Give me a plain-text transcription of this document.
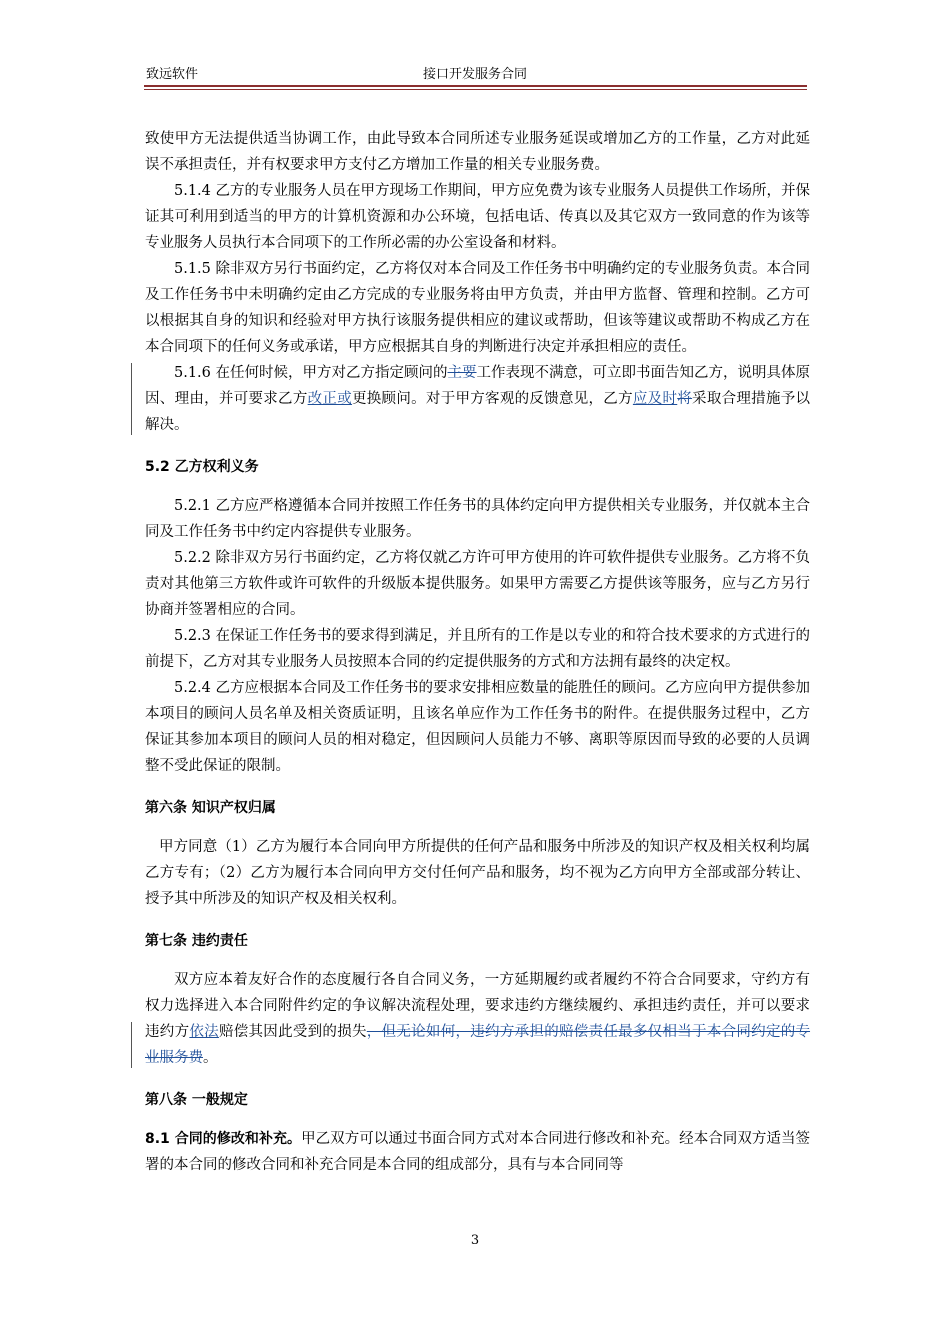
致远软件	接口开发服务合同

致使甲方无法提供适当协调工作，由此导致本合同所述专业服务延误或增加乙方的工作量，乙方对此延误不承担责任，并有权要求甲方支付乙方增加工作量的相关专业服务费。

5.1.4 乙方的专业服务人员在甲方现场工作期间，甲方应免费为该专业服务人员提供工作场所，并保证其可利用到适当的甲方的计算机资源和办公环境，包括电话、传真以及其它双方一致同意的作为该等专业服务人员执行本合同项下的工作所必需的办公室设备和材料。

5.1.5 除非双方另行书面约定，乙方将仅对本合同及工作任务书中明确约定的专业服务负责。本合同及工作任务书中未明确约定由乙方完成的专业服务将由甲方负责，并由甲方监督、管理和控制。乙方可以根据其自身的知识和经验对甲方执行该服务提供相应的建议或帮助，但该等建议或帮助不构成乙方在本合同项下的任何义务或承诺，甲方应根据其自身的判断进行决定并承担相应的责任。

5.1.6 在任何时候，甲方对乙方指定顾问的主要工作表现不满意，可立即书面告知乙方，说明具体原因、理由，并可要求乙方改正或更换顾问。对于甲方客观的反馈意见，乙方应及时将采取合理措施予以解决。

5.2 乙方权利义务

5.2.1 乙方应严格遵循本合同并按照工作任务书的具体约定向甲方提供相关专业服务，并仅就本主合同及工作任务书中约定内容提供专业服务。

5.2.2 除非双方另行书面约定，乙方将仅就乙方许可甲方使用的许可软件提供专业服务。乙方将不负责对其他第三方软件或许可软件的升级版本提供服务。如果甲方需要乙方提供该等服务，应与乙方另行协商并签署相应的合同。

5.2.3 在保证工作任务书的要求得到满足，并且所有的工作是以专业的和符合技术要求的方式进行的前提下，乙方对其专业服务人员按照本合同的约定提供服务的方式和方法拥有最终的决定权。

5.2.4 乙方应根据本合同及工作任务书的要求安排相应数量的能胜任的顾问。乙方应向甲方提供参加本项目的顾问人员名单及相关资质证明，且该名单应作为工作任务书的附件。在提供服务过程中，乙方保证其参加本项目的顾问人员的相对稳定，但因顾问人员能力不够、离职等原因而导致的必要的人员调整不受此保证的限制。

第六条 知识产权归属

甲方同意（1）乙方为履行本合同向甲方所提供的任何产品和服务中所涉及的知识产权及相关权利均属乙方专有；（2）乙方为履行本合同向甲方交付任何产品和服务，均不视为乙方向甲方全部或部分转让、授予其中所涉及的知识产权及相关权利。

第七条 违约责任

双方应本着友好合作的态度履行各自合同义务，一方延期履约或者履约不符合合同要求，守约方有权力选择进入本合同附件约定的争议解决流程处理，要求违约方继续履约、承担违约责任，并可以要求违约方依法赔偿其因此受到的损失，但无论如何，违约方承担的赔偿责任最多仅相当于本合同约定的专业服务费。

第八条 一般规定

8.1 合同的修改和补充。甲乙双方可以通过书面合同方式对本合同进行修改和补充。经本合同双方适当签署的本合同的修改合同和补充合同是本合同的组成部分，具有与本合同同等

3
